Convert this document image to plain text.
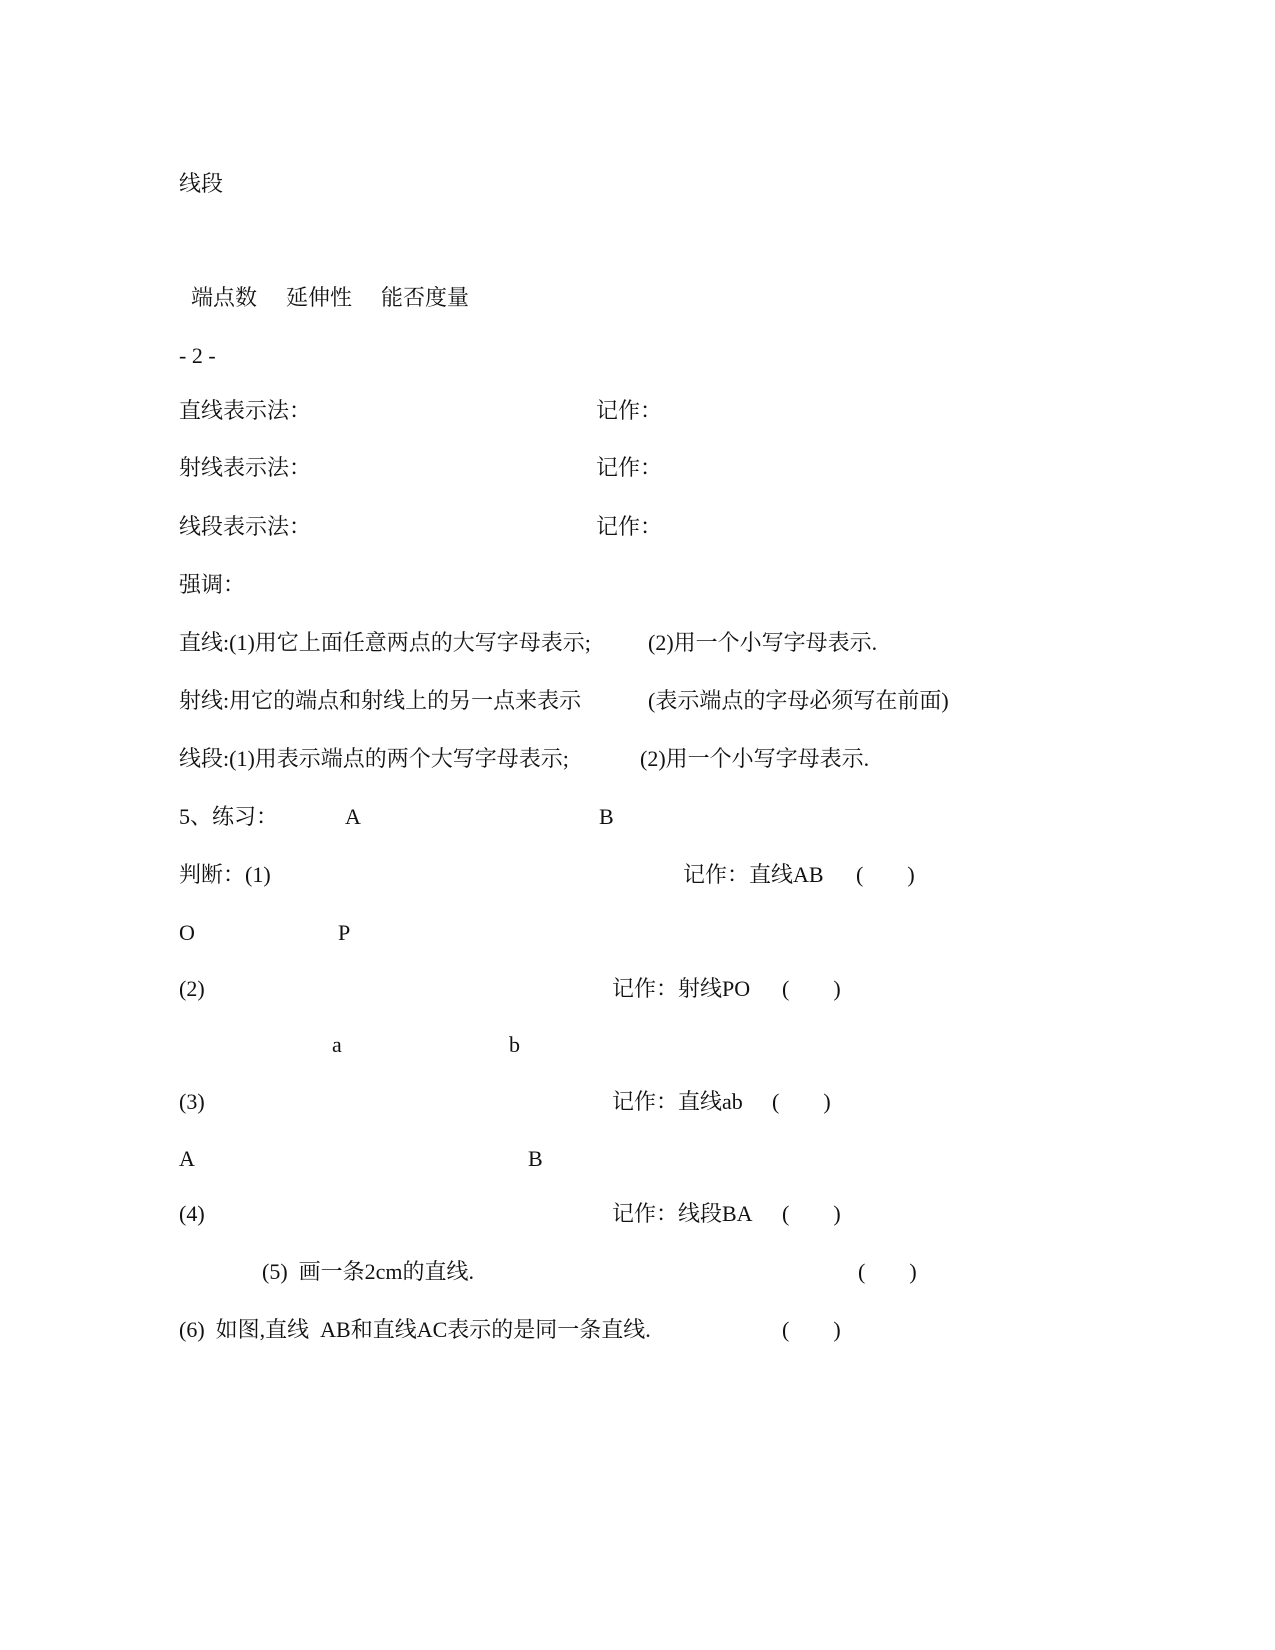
线段
端点数 延伸性 能否度量
- 2 -
直线表示法：	记作：
射线表示法：	记作：
线段表示法：	记作：
强调：
直线:(1)用它上面任意两点的大写字母表示;	(2)用一个小写字母表示.
射线:用它的端点和射线上的另一点来表示	(表示端点的字母必须写在前面)
线段:(1)用表示端点的两个大写字母表示;	(2)用一个小写字母表示.
5、练习：	A	B
判断：(1)	记作：直线AB (        )
O	P
(2)	记作：射线PO (        )
a	b
(3)	记作：直线ab (        )
A	B
(4)	记作：线段BA (        )
(5)  画一条2cm的直线.	(        )
(6)  如图,直线  AB和直线AC表示的是同一条直线.	(        )
